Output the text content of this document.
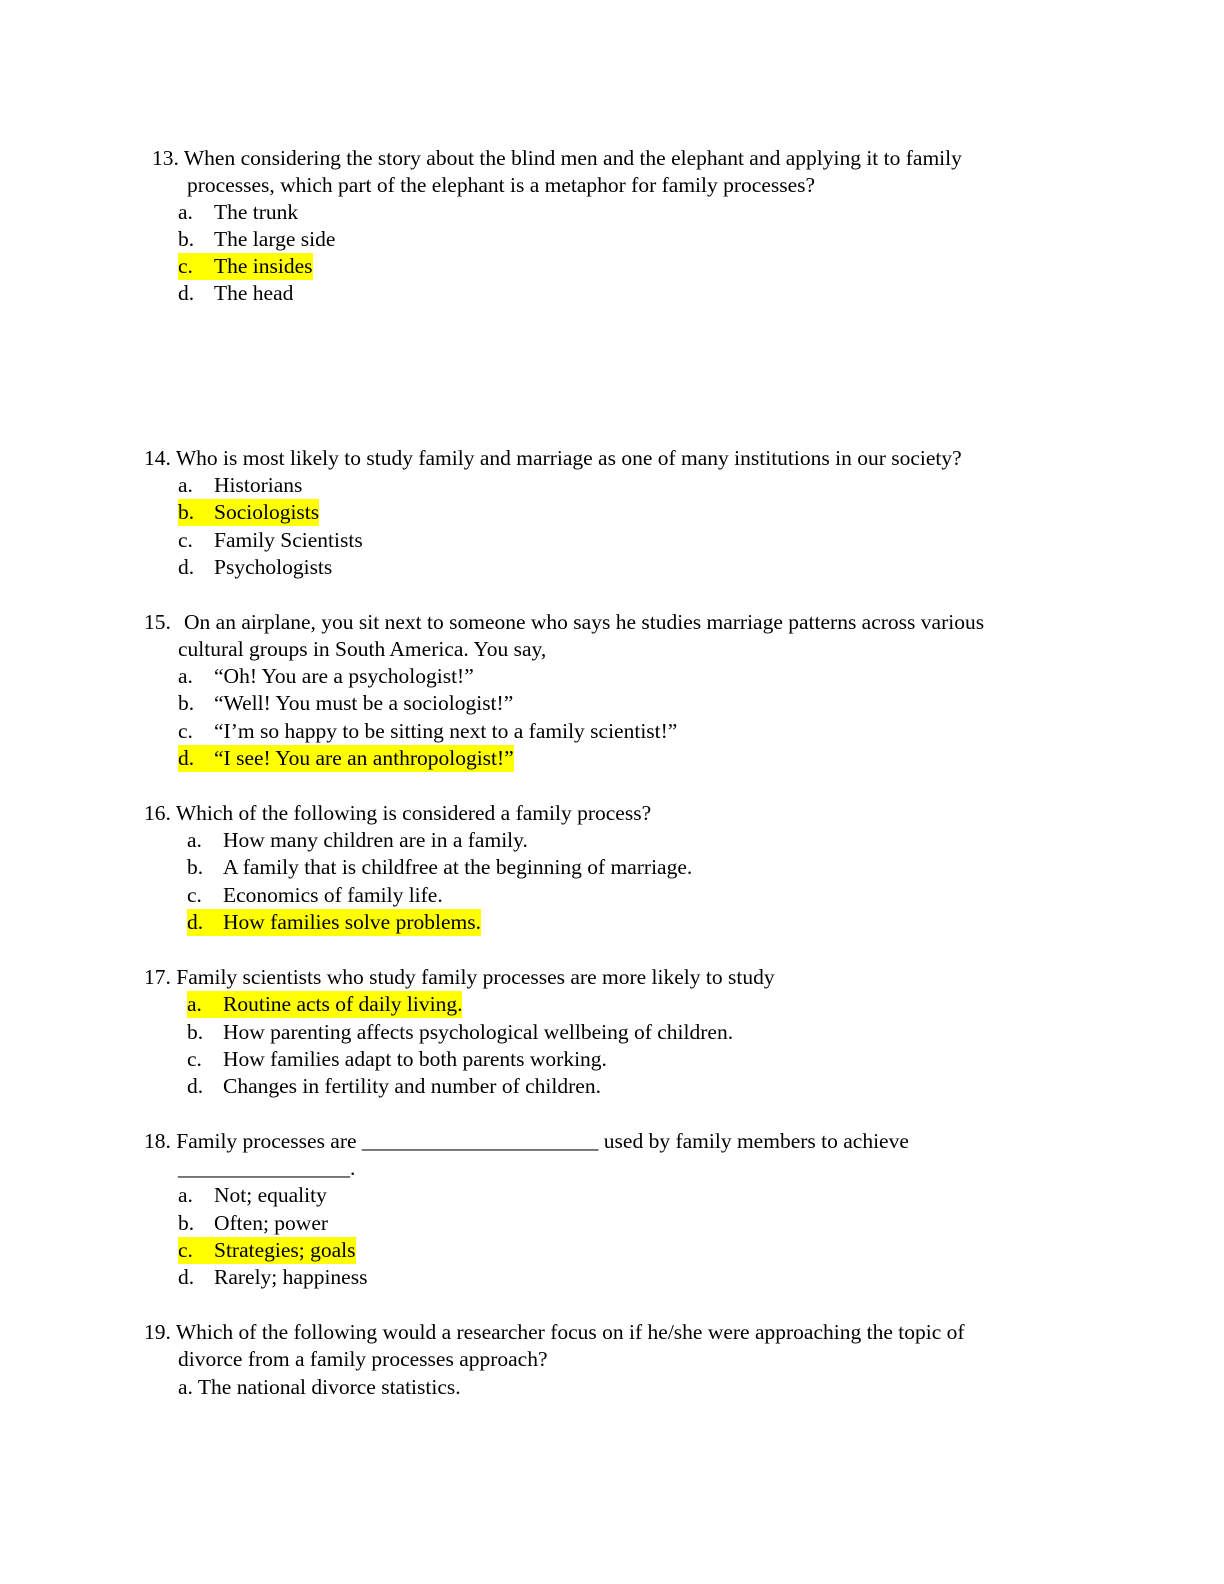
13. When considering the story about the blind men and the elephant and applying it to family
processes, which part of the elephant is a metaphor for family processes?
a. The trunk
b. The large side
c. The insides
d. The head
14. Who is most likely to study family and marriage as one of many institutions in our society?
a. Historians
b. Sociologists
c. Family Scientists
d. Psychologists
15. On an airplane, you sit next to someone who says he studies marriage patterns across various
cultural groups in South America. You say,
a. “Oh! You are a psychologist!”
b. “Well! You must be a sociologist!”
c. “I’m so happy to be sitting next to a family scientist!”
d. “I see! You are an anthropologist!”
16. Which of the following is considered a family process?
a. How many children are in a family.
b. A family that is childfree at the beginning of marriage.
c. Economics of family life.
d. How families solve problems.
17. Family scientists who study family processes are more likely to study
a. Routine acts of daily living.
b. How parenting affects psychological wellbeing of children.
c. How families adapt to both parents working.
d. Changes in fertility and number of children.
18. Family processes are ______________________ used by family members to achieve
________________.
a. Not; equality
b. Often; power
c. Strategies; goals
d. Rarely; happiness
19. Which of the following would a researcher focus on if he/she were approaching the topic of
divorce from a family processes approach?
a. The national divorce statistics.
